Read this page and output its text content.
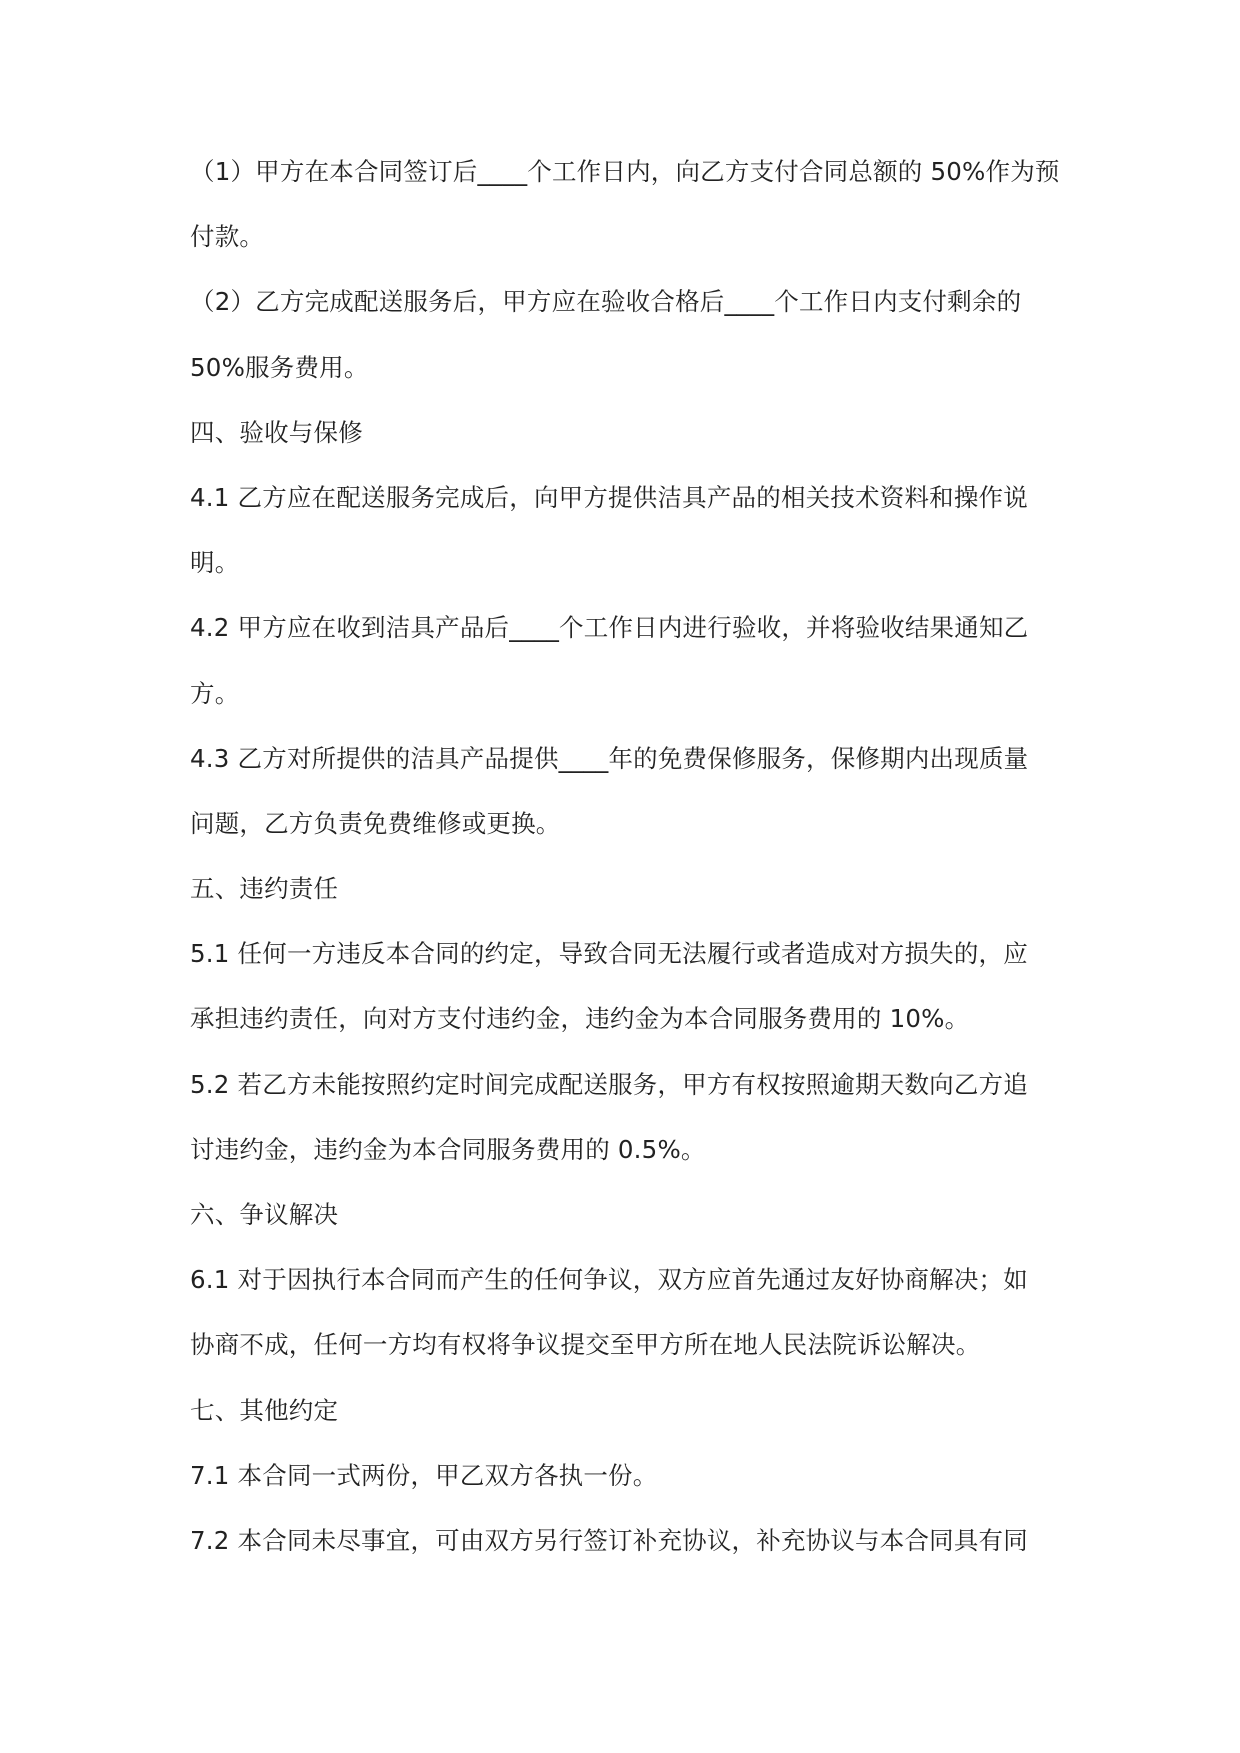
（1）甲方在本合同签订后____个工作日内，向乙方支付合同总额的 50%作为预

付款。

（2）乙方完成配送服务后，甲方应在验收合格后____个工作日内支付剩余的

50%服务费用。

四、验收与保修

4.1 乙方应在配送服务完成后，向甲方提供洁具产品的相关技术资料和操作说

明。

4.2 甲方应在收到洁具产品后____个工作日内进行验收，并将验收结果通知乙

方。

4.3 乙方对所提供的洁具产品提供____年的免费保修服务，保修期内出现质量

问题，乙方负责免费维修或更换。

五、违约责任

5.1 任何一方违反本合同的约定，导致合同无法履行或者造成对方损失的，应

承担违约责任，向对方支付违约金，违约金为本合同服务费用的 10%。

5.2 若乙方未能按照约定时间完成配送服务，甲方有权按照逾期天数向乙方追

讨违约金，违约金为本合同服务费用的 0.5%。

六、争议解决

6.1 对于因执行本合同而产生的任何争议，双方应首先通过友好协商解决；如

协商不成，任何一方均有权将争议提交至甲方所在地人民法院诉讼解决。

七、其他约定

7.1 本合同一式两份，甲乙双方各执一份。

7.2 本合同未尽事宜，可由双方另行签订补充协议，补充协议与本合同具有同
